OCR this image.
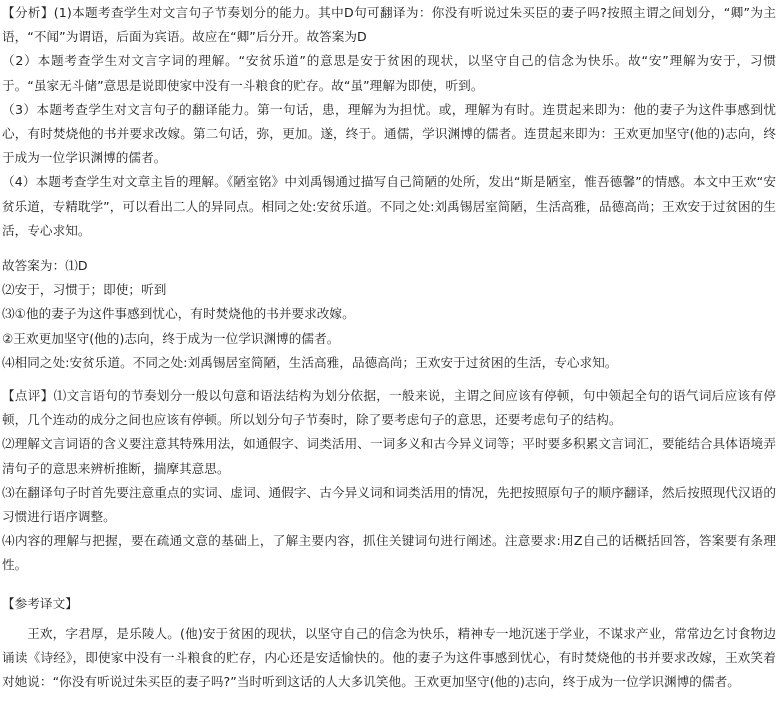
【分析】(1)本题考查学生对文言句子节奏划分的能力。其中D句可翻译为：你没有听说过朱买臣的妻子吗?按照主谓之间划分，“卿”为主语，“不闻”为谓语，后面为宾语。故应在“卿”后分开。故答案为D

（2）本题考查学生对文言字词的理解。“安贫乐道”的意思是安于贫困的现状，以坚守自己的信念为快乐。故“安”理解为安于，习惯于。“虽家无斗储”意思是说即使家中没有一斗粮食的贮存。故“虽”理解为即使，听到。

（3）本题考查学生对文言句子的翻译能力。第一句话，患，理解为为担忧。或，理解为有时。连贯起来即为：他的妻子为这件事感到忧心，有时焚烧他的书并要求改嫁。第二句话，弥，更加。遂，终于。通儒，学识渊博的儒者。连贯起来即为：王欢更加坚守(他的)志向，终于成为一位学识渊博的儒者。

（4）本题考查学生对文章主旨的理解。《陋室铭》中刘禹锡通过描写自己简陋的处所，发出“斯是陋室，惟吾德馨”的情感。本文中王欢“安贫乐道，专精耽学”，可以看出二人的异同点。相同之处:安贫乐道。不同之处:刘禹锡居室简陋，生活高雅，品德高尚；王欢安于过贫困的生活，专心求知。

故答案为：⑴D

⑵安于，习惯于；即使；听到

⑶①他的妻子为这件事感到忧心，有时焚烧他的书并要求改嫁。

②王欢更加坚守(他的)志向，终于成为一位学识渊博的儒者。

⑷相同之处:安贫乐道。不同之处:刘禹锡居室简陋，生活高雅，品德高尚；王欢安于过贫困的生活，专心求知。

【点评】⑴文言语句的节奏划分一般以句意和语法结构为划分依据，一般来说，主谓之间应该有停顿，句中领起全句的语气词后应该有停顿，几个连动的成分之间也应该有停顿。所以划分句子节奏时，除了要考虑句子的意思，还要考虑句子的结构。

⑵理解文言词语的含义要注意其特殊用法，如通假字、词类活用、一词多义和古今异义词等；平时要多积累文言词汇，要能结合具体语境弄清句子的意思来辨析推断，揣摩其意思。

⑶在翻译句子时首先要注意重点的实词、虚词、通假字、古今异义词和词类活用的情况，先把按照原句子的顺序翻译，然后按照现代汉语的习惯进行语序调整。

⑷内容的理解与把握，要在疏通文意的基础上，了解主要内容，抓住关键词句进行阐述。注意要求:用Z自己的话概括回答，答案要有条理性。

【参考译文】

王欢，字君厚，是乐陵人。(他)安于贫困的现状，以坚守自己的信念为快乐，精神专一地沉迷于学业，不谋求产业，常常边乞讨食物边诵读《诗经》，即使家中没有一斗粮食的贮存，内心还是安适愉快的。他的妻子为这件事感到忧心，有时焚烧他的书并要求改嫁，王欢笑着对她说：“你没有听说过朱买臣的妻子吗?”当时听到这话的人大多讥笑他。王欢更加坚守(他的)志向，终于成为一位学识渊博的儒者。
